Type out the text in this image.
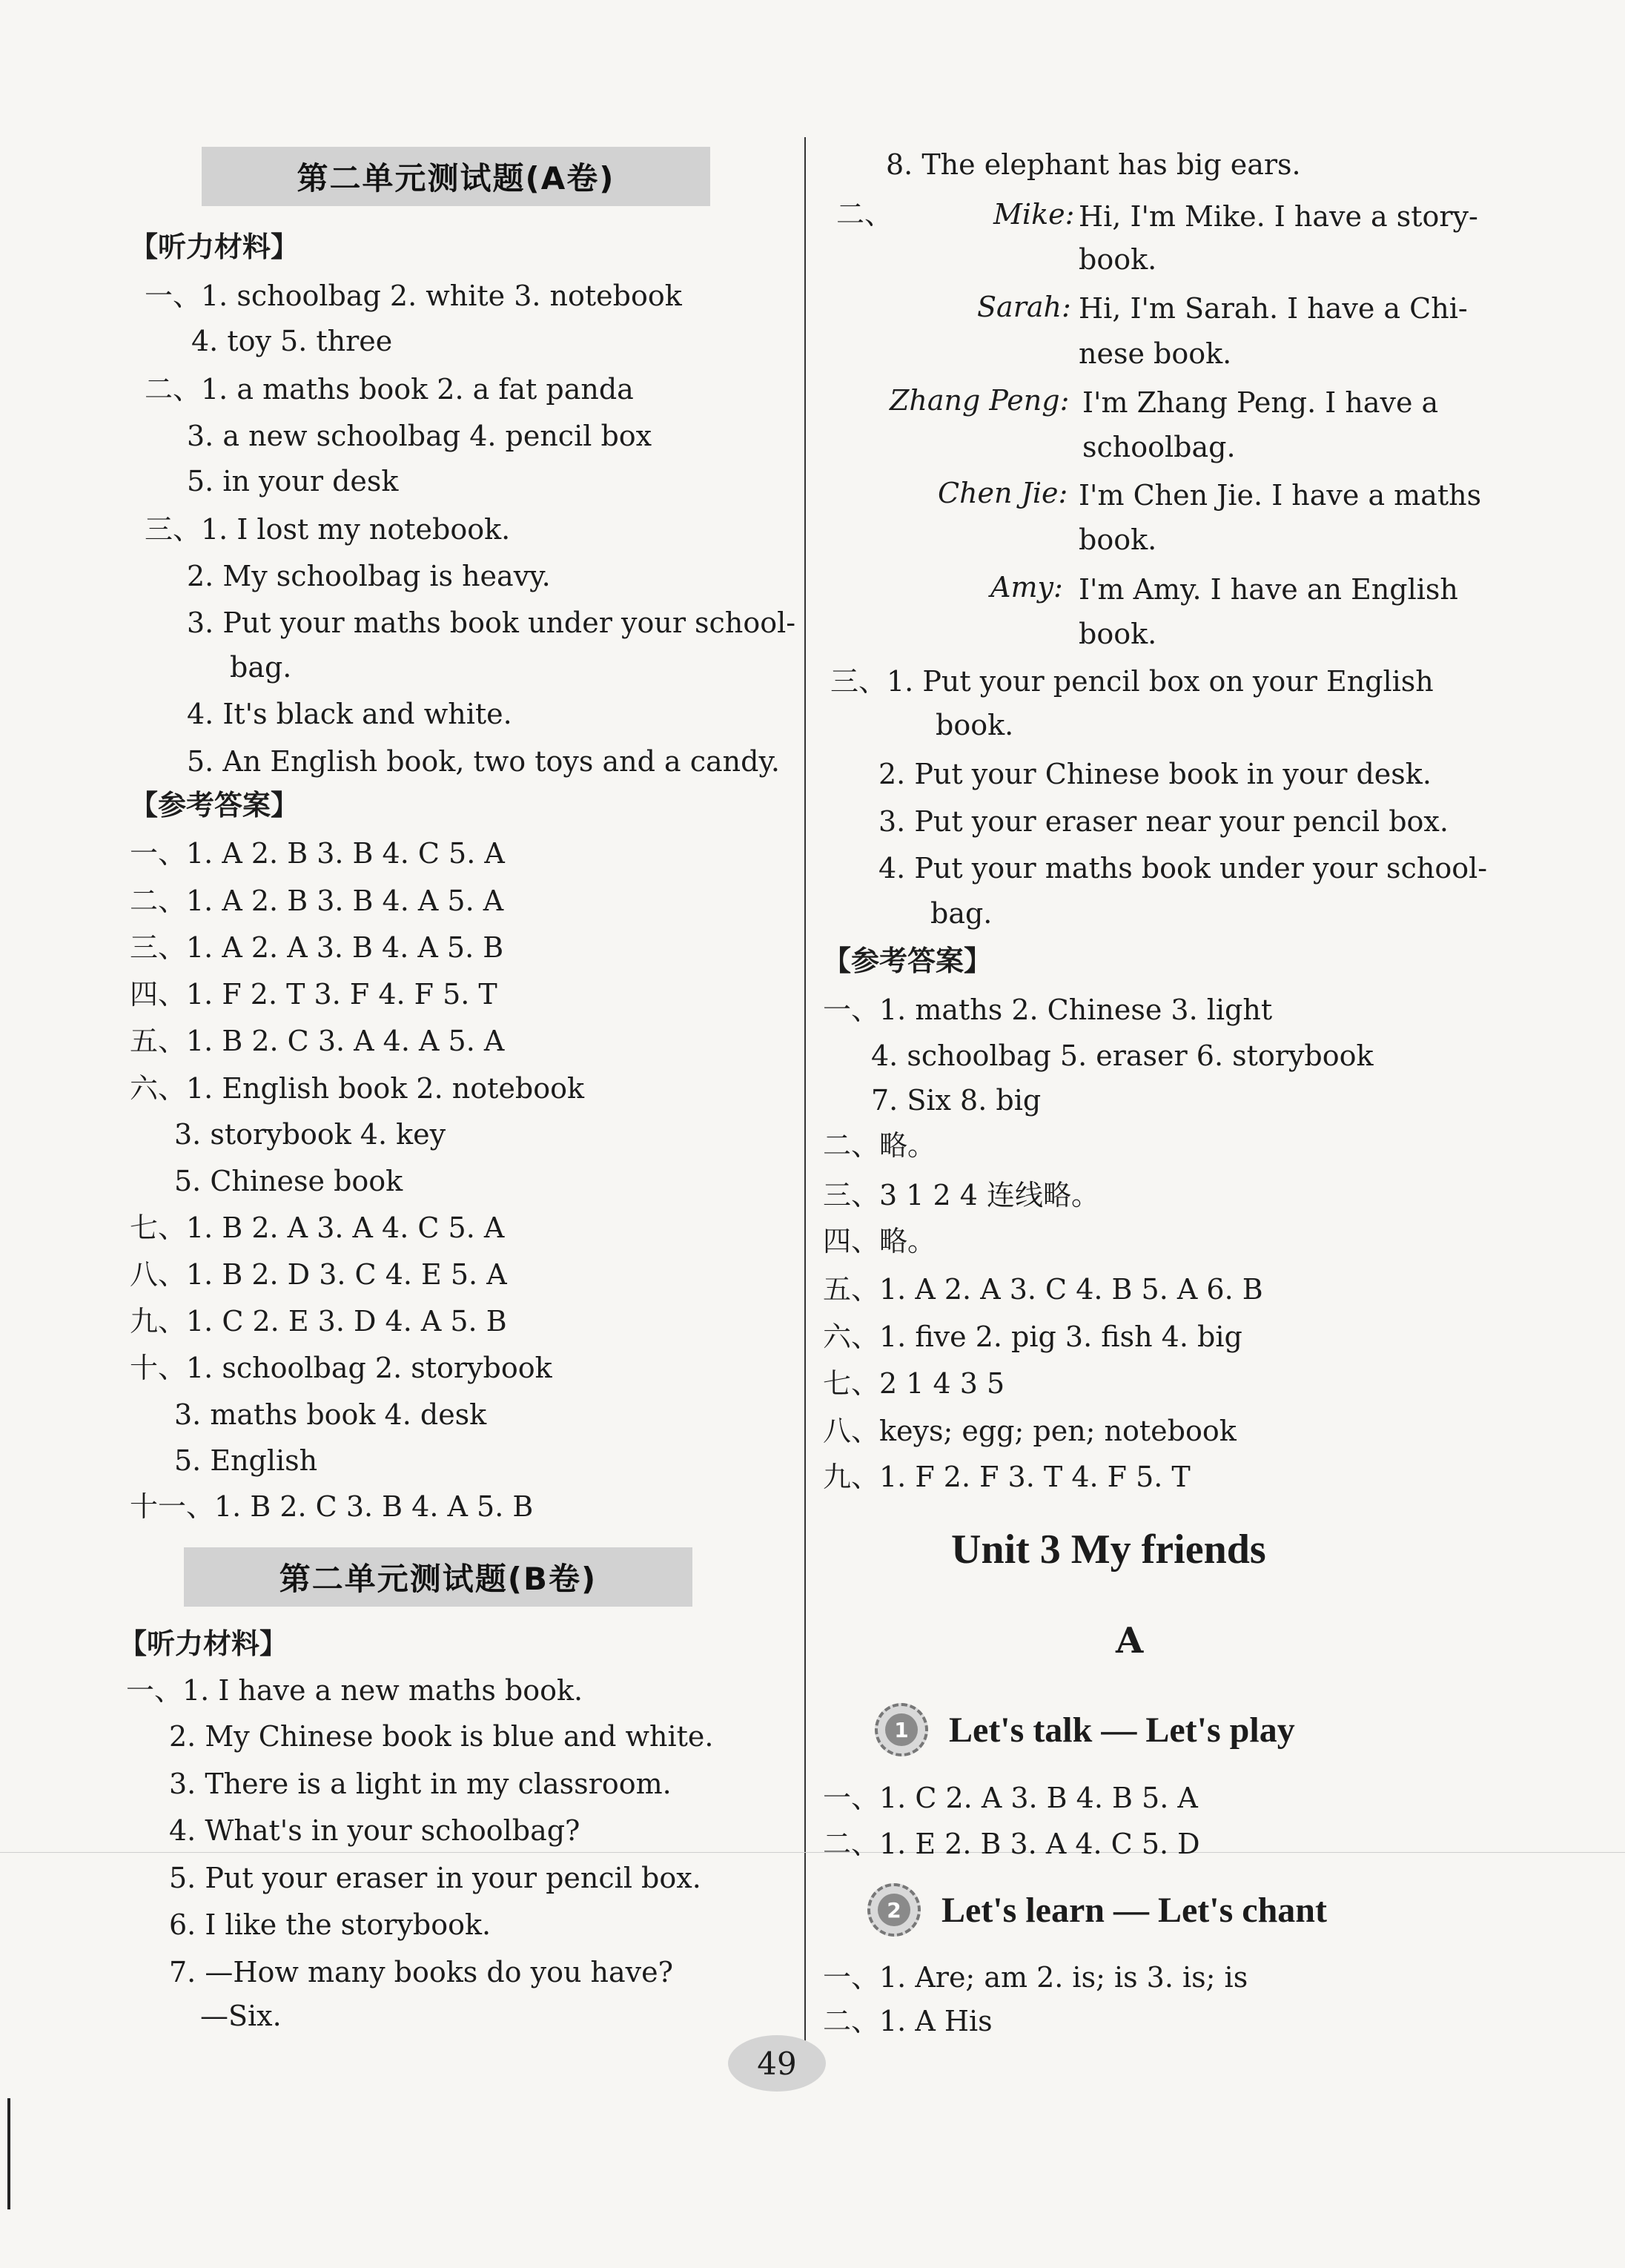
第二单元测试题(A卷)
【听力材料】
一、1. schoolbag 2. white 3. notebook
4. toy 5. three
二、1. a maths book 2. a fat panda
3. a new schoolbag 4. pencil box
5. in your desk
三、1. I lost my notebook.
2. My schoolbag is heavy.
3. Put your maths book under your school-
bag.
4. It's black and white.
5. An English book, two toys and a candy.
【参考答案】
一、1. A 2. B 3. B 4. C 5. A
二、1. A 2. B 3. B 4. A 5. A
三、1. A 2. A 3. B 4. A 5. B
四、1. F 2. T 3. F 4. F 5. T
五、1. B 2. C 3. A 4. A 5. A
六、1. English book 2. notebook
3. storybook 4. key
5. Chinese book
七、1. B 2. A 3. A 4. C 5. A
八、1. B 2. D 3. C 4. E 5. A
九、1. C 2. E 3. D 4. A 5. B
十、1. schoolbag 2. storybook
3. maths book 4. desk
5. English
十一、1. B 2. C 3. B 4. A 5. B
第二单元测试题(B卷)
【听力材料】
一、1. I have a new maths book.
2. My Chinese book is blue and white.
3. There is a light in my classroom.
4. What's in your schoolbag?
5. Put your eraser in your pencil box.
6. I like the storybook.
7. —How many books do you have?
—Six.
8. The elephant has big ears.
二、	Mike: Hi, I'm Mike. I have a story-
book.
Sarah: Hi, I'm Sarah. I have a Chi-
nese book.
Zhang Peng: I'm Zhang Peng. I have a
schoolbag.
Chen Jie: I'm Chen Jie. I have a maths
book.
Amy: I'm Amy. I have an English
book.
三、1. Put your pencil box on your English
book.
2. Put your Chinese book in your desk.
3. Put your eraser near your pencil box.
4. Put your maths book under your school-
bag.
【参考答案】
一、1. maths 2. Chinese 3. light
4. schoolbag 5. eraser 6. storybook
7. Six 8. big
二、略。
三、3 1 2 4 连线略。
四、略。
五、1. A 2. A 3. C 4. B 5. A 6. B
六、1. five 2. pig 3. fish 4. big
七、2 1 4 3 5
八、keys; egg; pen; notebook
九、1. F 2. F 3. T 4. F 5. T
Unit 3 My friends
A
1 Let's talk — Let's play
一、1. C 2. A 3. B 4. B 5. A
二、1. E 2. B 3. A 4. C 5. D
2 Let's learn — Let's chant
一、1. Are; am 2. is; is 3. is; is
二、1. A His
49
